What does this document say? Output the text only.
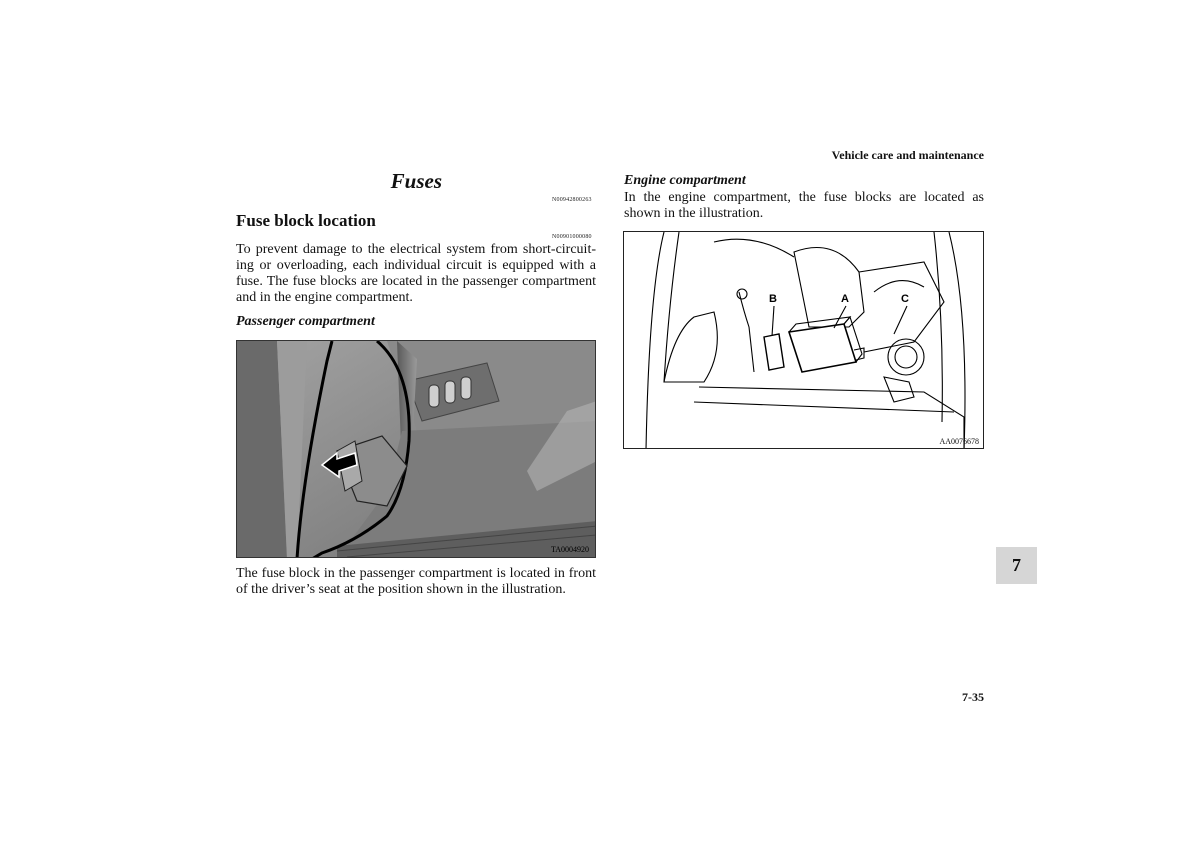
Vehicle care and maintenance
Fuses
N00942800263
Fuse block location
N00901000080
To prevent damage to the electrical system from short-circuit-ing or overloading, each individual circuit is equipped with a fuse. The fuse blocks are located in the passenger compartment and in the engine compartment.
Passenger compartment
TA0004920
The fuse block in the passenger compartment is located in front of the driver’s seat at the position shown in the illustration.
Engine compartment
In the engine compartment, the fuse blocks are located as shown in the illustration.
B	A	C
AA0076678
7
7-35
